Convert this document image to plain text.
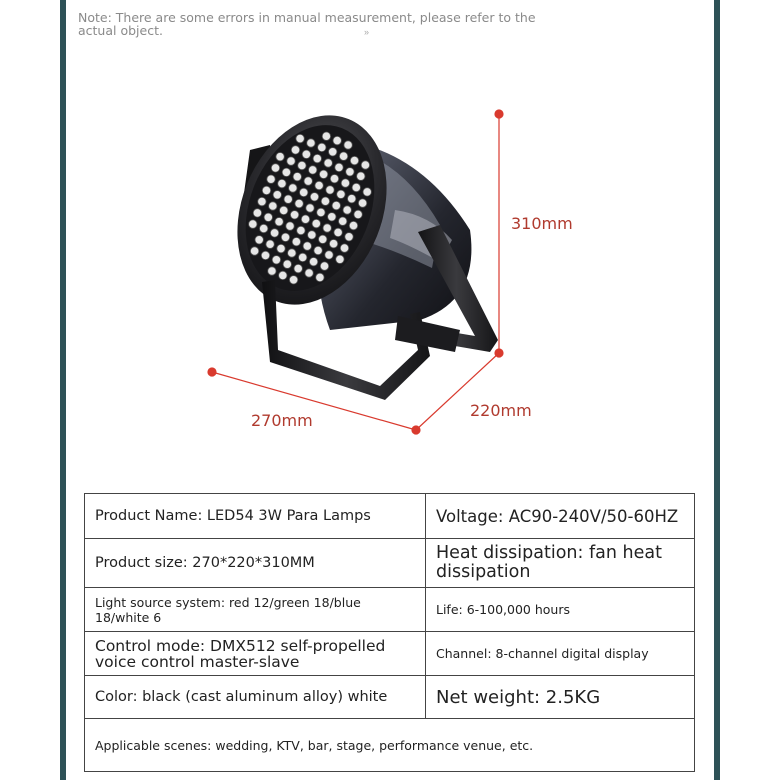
Note: There are some errors in manual measurement, please refer to the actual object.	»
310mm
270mm
220mm
Product Name: LED54 3W Para Lamps	Voltage: AC90-240V/50-60HZ
Product size: 270*220*310MM	Heat dissipation: fan heat dissipation
Light source system: red 12/green 18/blue 18/white 6	Life: 6-100,000 hours
Control mode: DMX512 self-propelled voice control master-slave	Channel: 8-channel digital display
Color: black (cast aluminum alloy) white	Net weight: 2.5KG
Applicable scenes: wedding, KTV, bar, stage, performance venue, etc.	
